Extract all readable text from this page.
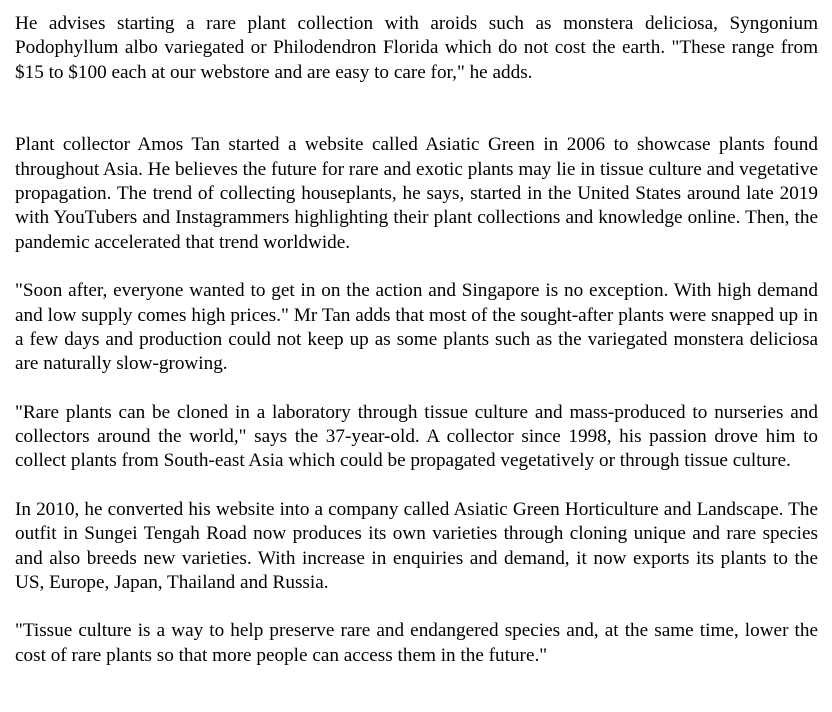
He advises starting a rare plant collection with aroids such as monstera deliciosa, Syngonium Podophyllum albo variegated or Philodendron Florida which do not cost the earth. "These range from $15 to $100 each at our webstore and are easy to care for," he adds.

Plant collector Amos Tan started a website called Asiatic Green in 2006 to showcase plants found throughout Asia. He believes the future for rare and exotic plants may lie in tissue culture and vegetative propagation. The trend of collecting houseplants, he says, started in the United States around late 2019 with YouTubers and Instagrammers highlighting their plant collections and knowledge online. Then, the pandemic accelerated that trend worldwide.

"Soon after, everyone wanted to get in on the action and Singapore is no exception. With high demand and low supply comes high prices." Mr Tan adds that most of the sought-after plants were snapped up in a few days and production could not keep up as some plants such as the variegated monstera deliciosa are naturally slow-growing.

"Rare plants can be cloned in a laboratory through tissue culture and mass-produced to nurseries and collectors around the world," says the 37-year-old. A collector since 1998, his passion drove him to collect plants from South-east Asia which could be propagated vegetatively or through tissue culture.

In 2010, he converted his website into a company called Asiatic Green Horticulture and Landscape. The outfit in Sungei Tengah Road now produces its own varieties through cloning unique and rare species and also breeds new varieties. With increase in enquiries and demand, it now exports its plants to the US, Europe, Japan, Thailand and Russia.

"Tissue culture is a way to help preserve rare and endangered species and, at the same time, lower the cost of rare plants so that more people can access them in the future."
